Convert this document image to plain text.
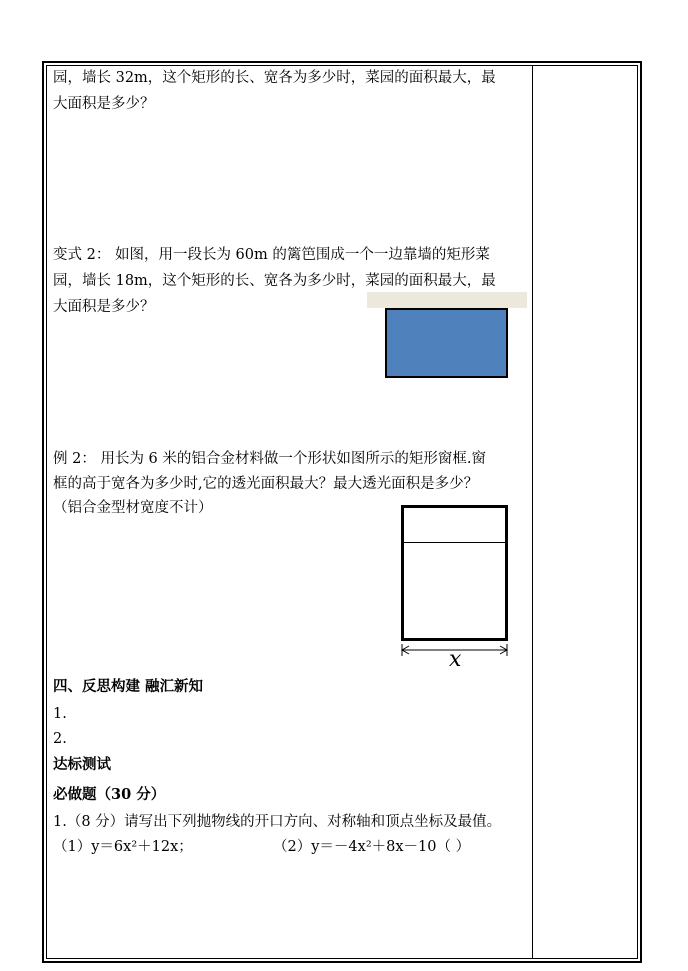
园，墙长 32m，这个矩形的长、宽各为多少时，菜园的面积最大，最
大面积是多少？
变式 2： 如图，用一段长为 60m 的篱笆围成一个一边靠墙的矩形菜
园，墙长 18m，这个矩形的长、宽各为多少时，菜园的面积最大，最
大面积是多少？
例 2： 用长为 6 米的铝合金材料做一个形状如图所示的矩形窗框.窗
框的高于宽各为多少时,它的透光面积最大？最大透光面积是多少？
（铝合金型材宽度不计）
x
四、反思构建 融汇新知
1.
2.
达标测试
必做题（30 分）
1.（8 分）请写出下列抛物线的开口方向、对称轴和顶点坐标及最值。
（1）y＝6x²＋12x；	（2）y＝－4x²＋8x－10（ ）
